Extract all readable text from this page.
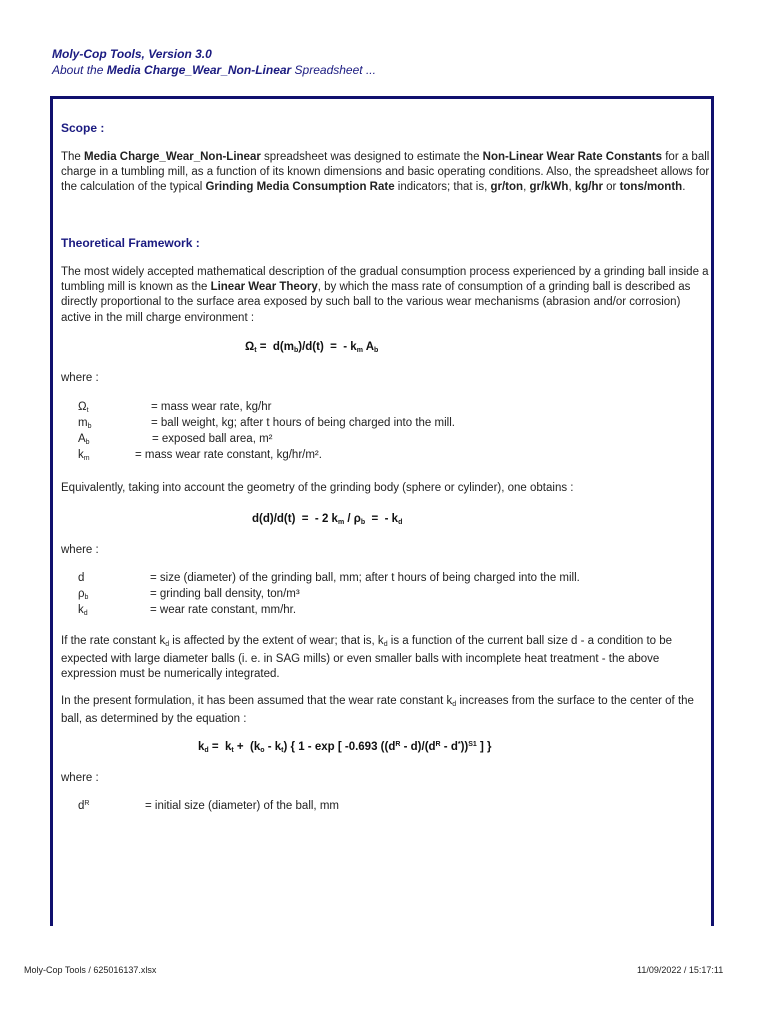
Moly-Cop Tools, Version 3.0
About the Media Charge_Wear_Non-Linear Spreadsheet ...
Scope :
The Media Charge_Wear_Non-Linear spreadsheet was designed to estimate the Non-Linear Wear Rate Constants for a ball charge in a tumbling mill, as a function of its known dimensions and basic operating conditions. Also, the spreadsheet allows for the calculation of the typical Grinding Media Consumption Rate indicators; that is, gr/ton, gr/kWh, kg/hr or tons/month.
Theoretical Framework :
The most widely accepted mathematical description of the gradual consumption process experienced by a grinding ball inside a tumbling mill is known as the Linear Wear Theory, by which the mass rate of consumption of a grinding ball is described as directly proportional to the surface area exposed by such ball to the various wear mechanisms (abrasion and/or corrosion) active in the mill charge environment :
$\Omega_t = d(m_b)/d(t)$  =  - $k_m$ $A_b$
where :
$\Omega_t$	= mass wear rate, kg/hr
$m_b$	= ball weight, kg; after t hours of being charged into the mill.
$A_b$	= exposed ball area, m²
$k_m$	= mass wear rate constant, kg/hr/m².
Equivalently, taking into account the geometry of the grinding body (sphere or cylinder), one obtains :
d(d)/d(t)  =  - 2 $k_m / \rho_b$  =  - $k_d$
where :
d	= size (diameter) of the grinding ball, mm; after t hours of being charged into the mill.
$\rho_b$	= grinding ball density, ton/m³
$k_d$	= wear rate constant, mm/hr.
If the rate constant $k_d$ is affected by the extent of wear; that is, $k_d$ is a function of the current ball size d - a condition to be expected with large diameter balls (i. e. in SAG mills) or even smaller balls with incomplete heat treatment - the above expression must be numerically integrated.
In the present formulation, it has been assumed that the wear rate constant $k_d$ increases from the surface to the center of the ball, as determined by the equation :
$k_d = k_t + (k_o - k_t)$ { 1 - exp [ -0.693 $((d^R - d)/(d^R - d^*))^{S1}$ ] }
where :
$d^R$	= initial size (diameter) of the ball, mm
Moly-Cop Tools / 625016137.xlsx	11/09/2022 / 15:17:11
